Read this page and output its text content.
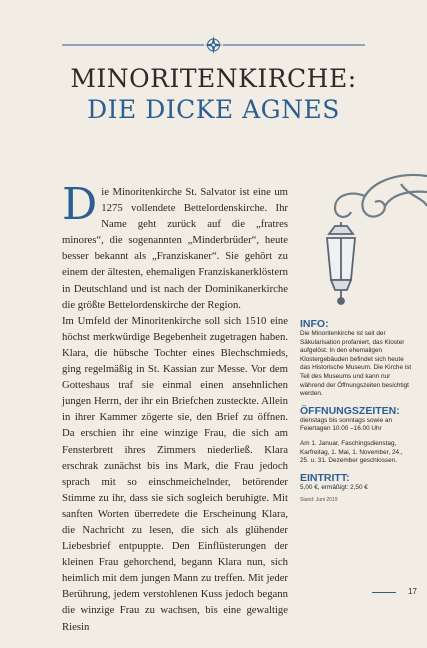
MINORITENKIRCHE:
DIE DICKE AGNES

Die Minoritenkirche St. Salvator ist eine um 1275 vollendete Bettelordenskirche. Ihr Name geht zurück auf die „fratres minores“, die sogenannten „Minderbrüder“, heute besser bekannt als „Franziskaner“. Sie gehört zu einem der ältesten, ehemaligen Franziskanerklöstern in Deutschland und ist nach der Dominikanerkirche die größte Bettelordenskirche der Region.

Im Umfeld der Minoritenkirche soll sich 1510 eine höchst merkwürdige Begebenheit zugetragen haben. Klara, die hübsche Tochter eines Blechschmieds, ging regelmäßig in St. Kassian zur Messe. Vor dem Gotteshaus traf sie einmal einen ansehnlichen jungen Herrn, der ihr ein Briefchen zusteckte. Allein in ihrer Kammer zögerte sie, den Brief zu öffnen. Da erschien ihr eine winzige Frau, die sich am Fensterbrett ihres Zimmers niederließ. Klara erschrak zunächst bis ins Mark, die Frau jedoch sprach mit so einschmeichelnder, betörender Stimme zu ihr, dass sie sich sogleich beruhigte. Mit sanften Worten überredete die Erscheinung Klara, die Nachricht zu lesen, die sich als glühender Liebesbrief entpuppte. Den Einflüsterungen der kleinen Frau gehorchend, begann Klara nun, sich heimlich mit dem jungen Mann zu treffen. Mit jeder Berührung, jedem verstohlenen Kuss jedoch begann die winzige Frau zu wachsen, bis eine gewaltige Riesin

INFO:
Die Minoritenkirche ist seit der Säkularisation profaniert, das Kloster aufgelöst. In den ehemaligen Klostergebäuden befindet sich heute das Historische Museum. Die Kirche ist Teil des Museums und kann nur während der Öffnungszeiten besichtigt werden.
ÖFFNUNGSZEITEN:
dienstags bis sonntags sowie an Feiertagen 10.00 –16.00 Uhr
Am 1. Januar, Faschingsdienstag, Karfreitag, 1. Mai, 1. November, 24., 25. u. 31. Dezember geschlossen.
EINTRITT:
5,00 €, ermäßigt: 2,50 €
Stand: Juni 2019
17
